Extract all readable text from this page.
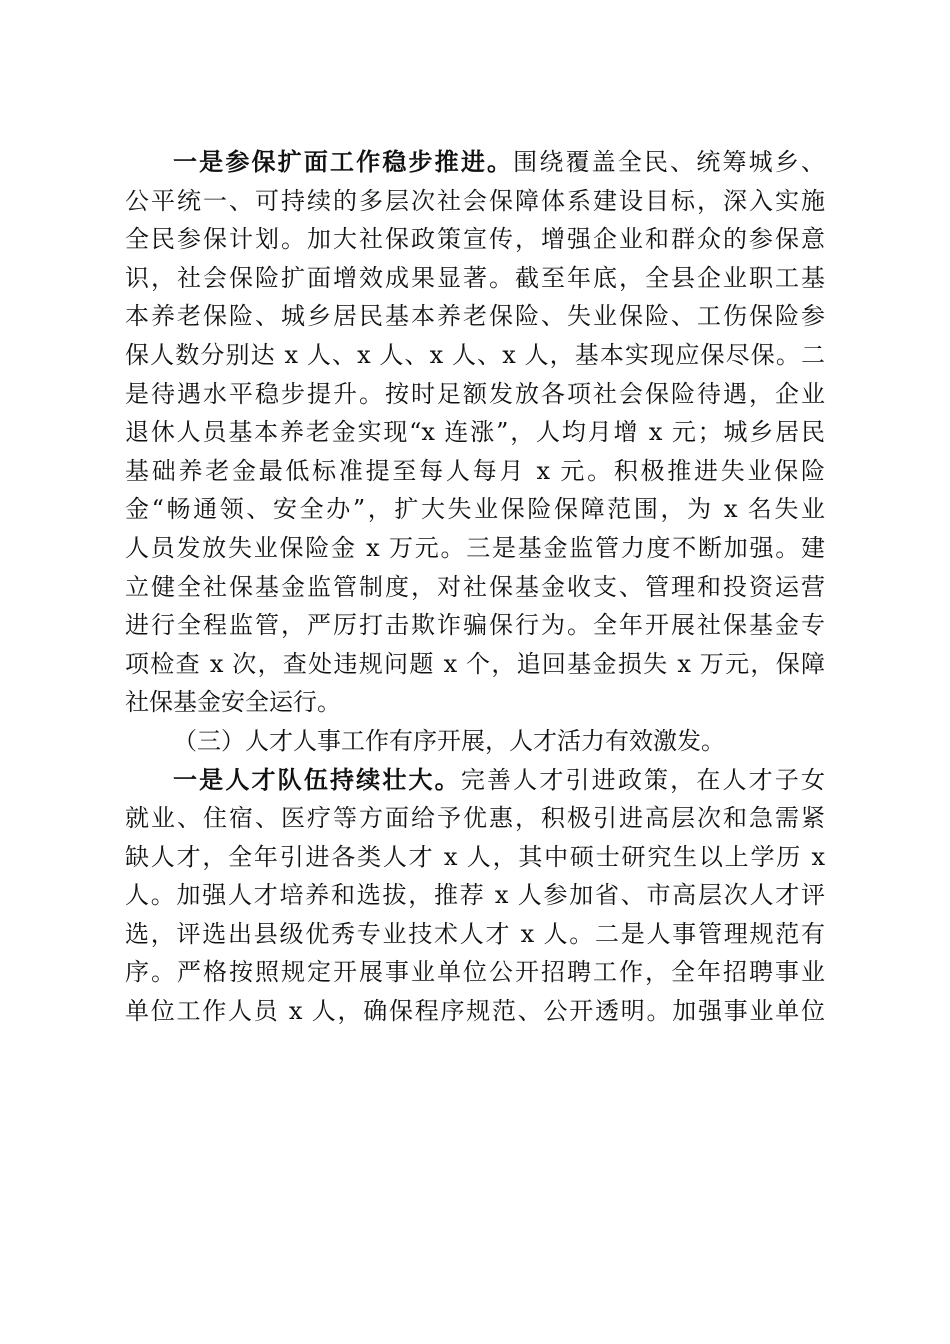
一是参保扩面工作稳步推进。围绕覆盖全民、统筹城乡、
公平统一、可持续的多层次社会保障体系建设目标，深入实施
全民参保计划。加大社保政策宣传，增强企业和群众的参保意
识，社会保险扩面增效成果显著。截至年底，全县企业职工基
本养老保险、城乡居民基本养老保险、失业保险、工伤保险参
保人数分别达 x 人、x 人、x 人、x 人，基本实现应保尽保。二
是待遇水平稳步提升。按时足额发放各项社会保险待遇，企业
退休人员基本养老金实现“x 连涨”，人均月增 x 元；城乡居民
基础养老金最低标准提至每人每月 x 元。积极推进失业保险
金“畅通领、安全办”，扩大失业保险保障范围，为 x 名失业
人员发放失业保险金 x 万元。三是基金监管力度不断加强。建
立健全社保基金监管制度，对社保基金收支、管理和投资运营
进行全程监管，严厉打击欺诈骗保行为。全年开展社保基金专
项检查 x 次，查处违规问题 x 个，追回基金损失 x 万元，保障
社保基金安全运行。
（三）人才人事工作有序开展，人才活力有效激发。
一是人才队伍持续壮大。完善人才引进政策，在人才子女
就业、住宿、医疗等方面给予优惠，积极引进高层次和急需紧
缺人才，全年引进各类人才 x 人，其中硕士研究生以上学历 x
人。加强人才培养和选拔，推荐 x 人参加省、市高层次人才评
选，评选出县级优秀专业技术人才 x 人。二是人事管理规范有
序。严格按照规定开展事业单位公开招聘工作，全年招聘事业
单位工作人员 x 人，确保程序规范、公开透明。加强事业单位
